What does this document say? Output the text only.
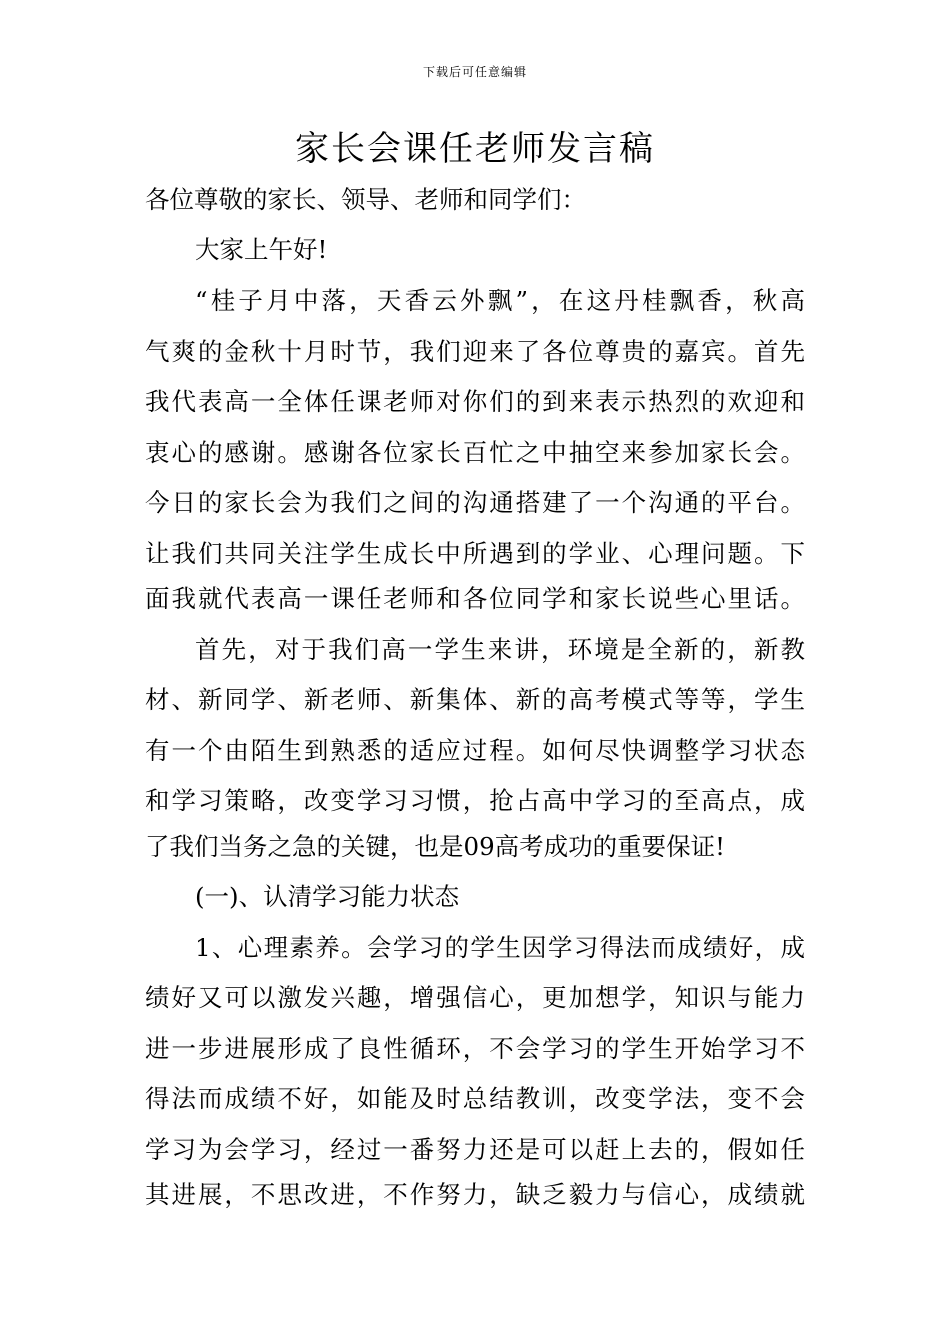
下载后可任意编辑
家长会课任老师发言稿
各位尊敬的家长、领导、老师和同学们：
大家上午好!
“桂子月中落，天香云外飘”，在这丹桂飘香，秋高
气爽的金秋十月时节，我们迎来了各位尊贵的嘉宾。首先
我代表高一全体任课老师对你们的到来表示热烈的欢迎和
衷心的感谢。感谢各位家长百忙之中抽空来参加家长会。
今日的家长会为我们之间的沟通搭建了一个沟通的平台。
让我们共同关注学生成长中所遇到的学业、心理问题。下
面我就代表高一课任老师和各位同学和家长说些心里话。
首先，对于我们高一学生来讲，环境是全新的，新教
材、新同学、新老师、新集体、新的高考模式等等，学生
有一个由陌生到熟悉的适应过程。如何尽快调整学习状态
和学习策略，改变学习习惯，抢占高中学习的至高点，成
了我们当务之急的关键，也是09高考成功的重要保证!
(一)、认清学习能力状态
1、心理素养。会学习的学生因学习得法而成绩好，成
绩好又可以激发兴趣，增强信心，更加想学，知识与能力
进一步进展形成了良性循环，不会学习的学生开始学习不
得法而成绩不好，如能及时总结教训，改变学法，变不会
学习为会学习，经过一番努力还是可以赶上去的，假如任
其进展，不思改进，不作努力，缺乏毅力与信心，成绩就
